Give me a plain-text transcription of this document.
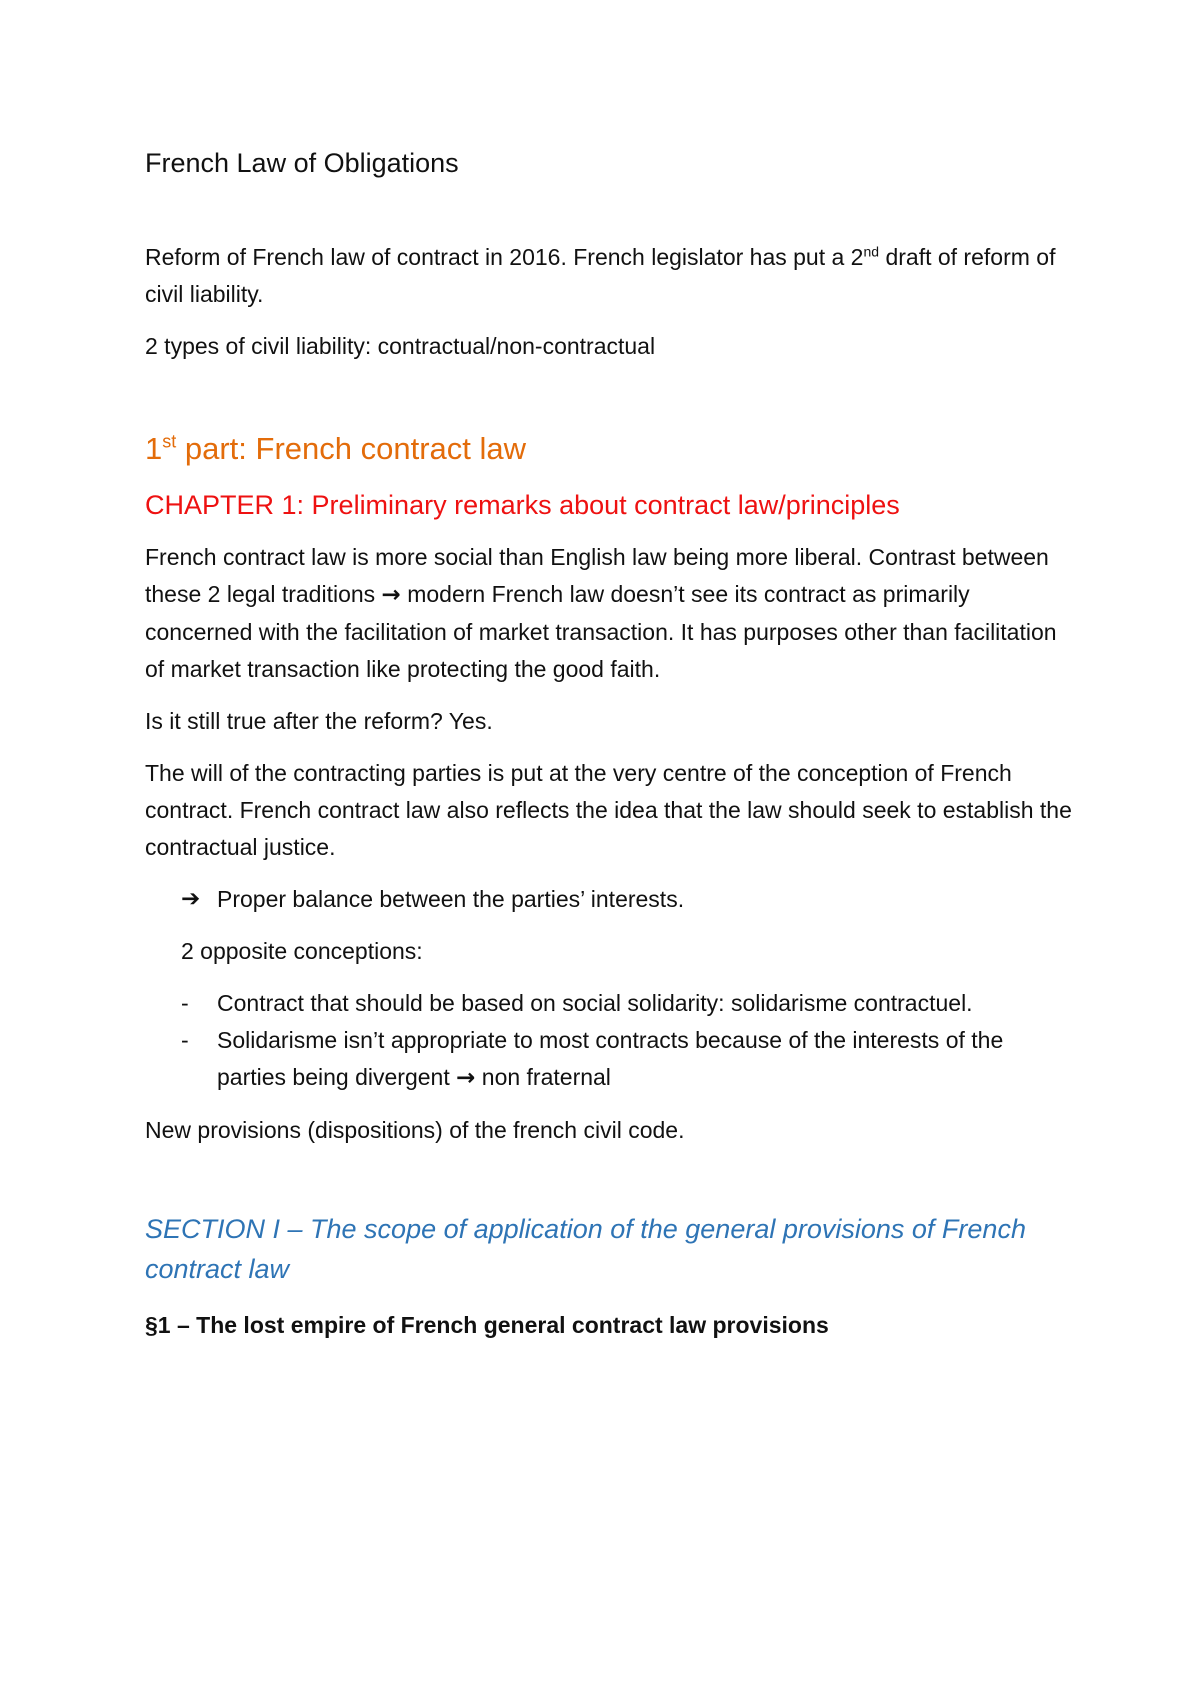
French Law of Obligations

Reform of French law of contract in 2016. French legislator has put a 2nd draft of reform of civil liability.

2 types of civil liability: contractual/non-contractual

1st part: French contract law

CHAPTER 1: Preliminary remarks about contract law/principles

French contract law is more social than English law being more liberal. Contrast between these 2 legal traditions → modern French law doesn’t see its contract as primarily concerned with the facilitation of market transaction. It has purposes other than facilitation of market transaction like protecting the good faith.

Is it still true after the reform? Yes.

The will of the contracting parties is put at the very centre of the conception of French contract. French contract law also reflects the idea that the law should seek to establish the contractual justice.

➔ Proper balance between the parties’ interests.

2 opposite conceptions:

-	Contract that should be based on social solidarity: solidarisme contractuel.
-	Solidarisme isn’t appropriate to most contracts because of the interests of the parties being divergent → non fraternal

New provisions (dispositions) of the french civil code.

SECTION I – The scope of application of the general provisions of French contract law

§1 – The lost empire of French general contract law provisions
